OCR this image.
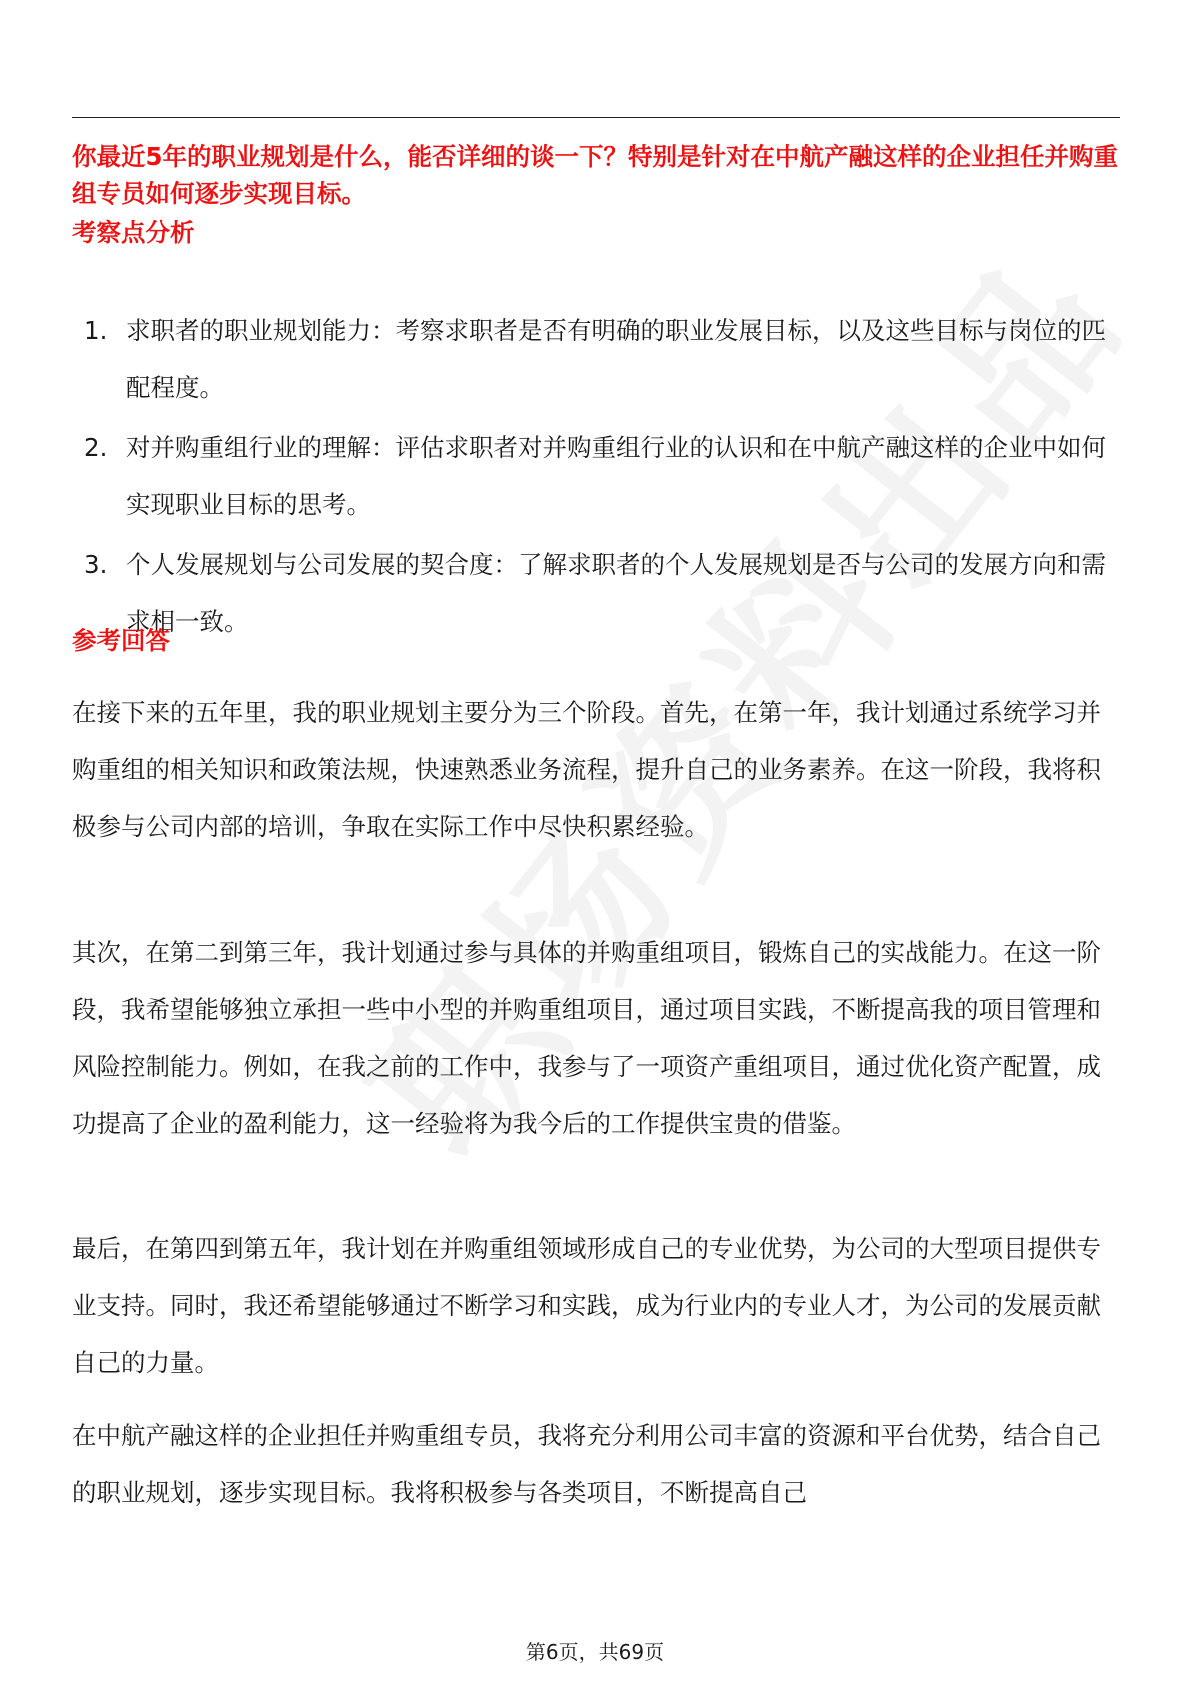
你最近5年的职业规划是什么，能否详细的谈一下？特别是针对在中航产融这样的企业担任并购重组专员如何逐步实现目标。
考察点分析
1. 求职者的职业规划能力：考察求职者是否有明确的职业发展目标，以及这些目标与岗位的匹配程度。
2. 对并购重组行业的理解：评估求职者对并购重组行业的认识和在中航产融这样的企业中如何实现职业目标的思考。
3. 个人发展规划与公司发展的契合度：了解求职者的个人发展规划是否与公司的发展方向和需求相一致。
参考回答

在接下来的五年里，我的职业规划主要分为三个阶段。首先，在第一年，我计划通过系统学习并购重组的相关知识和政策法规，快速熟悉业务流程，提升自己的业务素养。在这一阶段，我将积极参与公司内部的培训，争取在实际工作中尽快积累经验。

其次，在第二到第三年，我计划通过参与具体的并购重组项目，锻炼自己的实战能力。在这一阶段，我希望能够独立承担一些中小型的并购重组项目，通过项目实践，不断提高我的项目管理和风险控制能力。例如，在我之前的工作中，我参与了一项资产重组项目，通过优化资产配置，成功提高了企业的盈利能力，这一经验将为我今后的工作提供宝贵的借鉴。

最后，在第四到第五年，我计划在并购重组领域形成自己的专业优势，为公司的大型项目提供专业支持。同时，我还希望能够通过不断学习和实践，成为行业内的专业人才，为公司的发展贡献自己的力量。

在中航产融这样的企业担任并购重组专员，我将充分利用公司丰富的资源和平台优势，结合自己的职业规划，逐步实现目标。我将积极参与各类项目，不断提高自己

第6页，共69页
